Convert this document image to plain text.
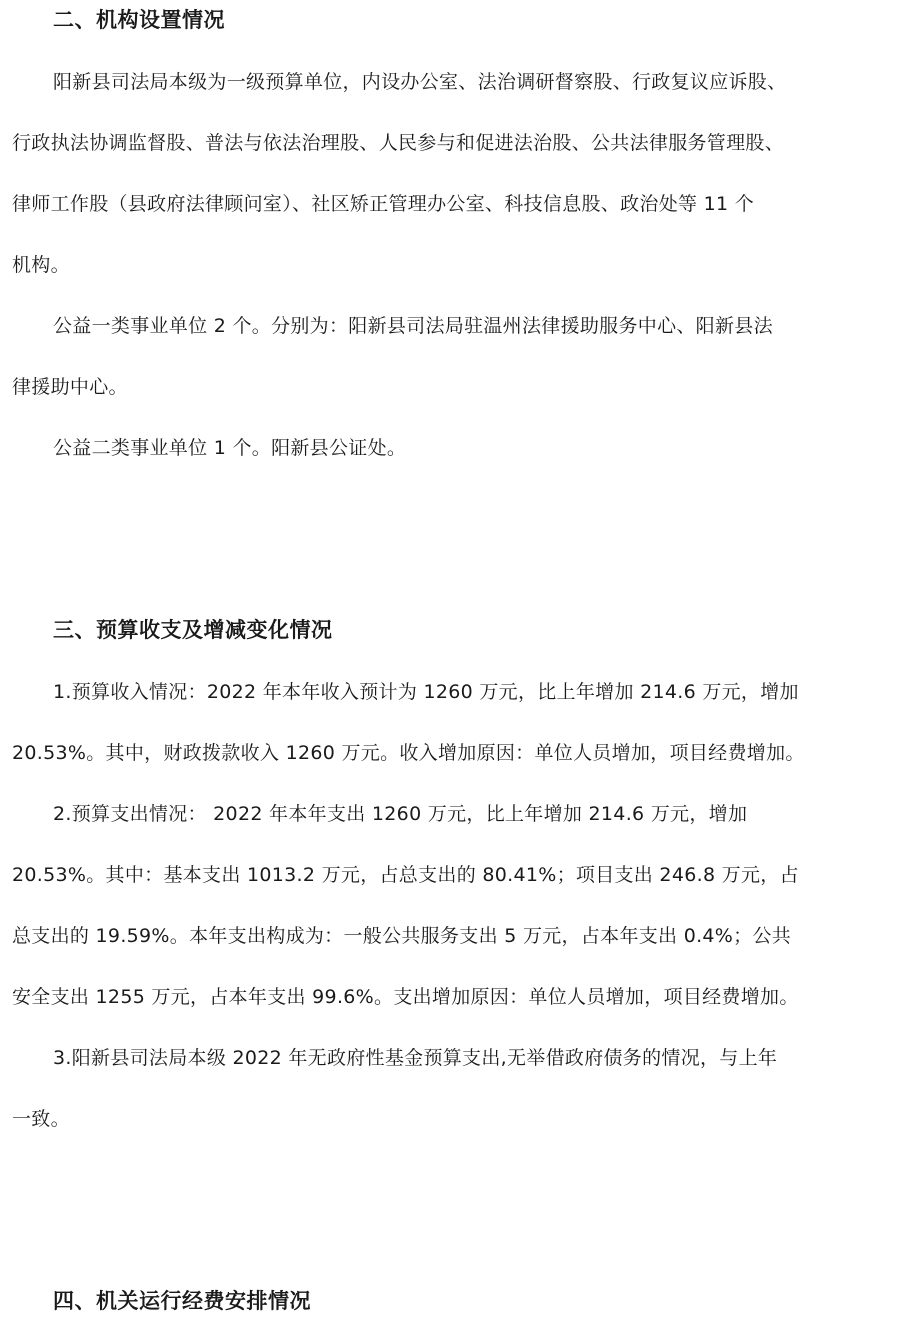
二、机构设置情况
阳新县司法局本级为一级预算单位，内设办公室、法治调研督察股、行政复议应诉股、
行政执法协调监督股、普法与依法治理股、人民参与和促进法治股、公共法律服务管理股、
律师工作股（县政府法律顾问室）、社区矫正管理办公室、科技信息股、政治处等 11 个
机构。
公益一类事业单位 2 个。分别为：阳新县司法局驻温州法律援助服务中心、阳新县法
律援助中心。
公益二类事业单位 1 个。阳新县公证处。
三、预算收支及增减变化情况
1.预算收入情况：2022 年本年收入预计为 1260 万元，比上年增加 214.6 万元，增加
20.53%。其中，财政拨款收入 1260 万元。收入增加原因：单位人员增加，项目经费增加。
2.预算支出情况： 2022 年本年支出 1260 万元，比上年增加 214.6 万元，增加
20.53%。其中：基本支出 1013.2 万元，占总支出的 80.41%；项目支出 246.8 万元，占
总支出的 19.59%。本年支出构成为：一般公共服务支出 5 万元，占本年支出 0.4%；公共
安全支出 1255 万元，占本年支出 99.6%。支出增加原因：单位人员增加，项目经费增加。
3.阳新县司法局本级 2022 年无政府性基金预算支出,无举借政府债务的情况，与上年
一致。
四、机关运行经费安排情况
